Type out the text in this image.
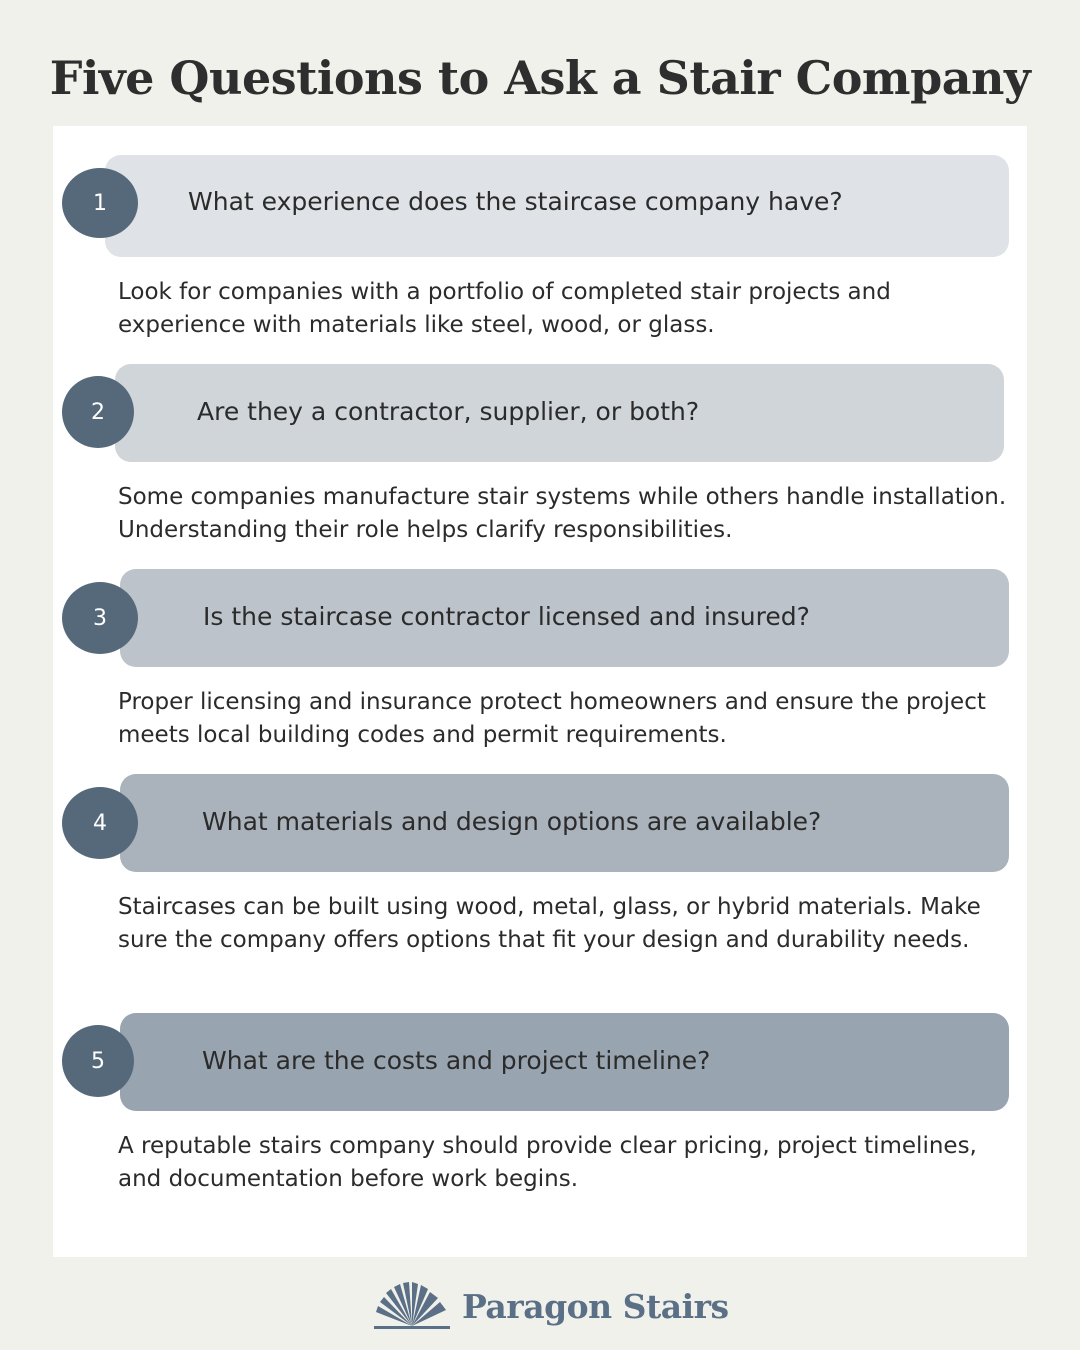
Five Questions to Ask a Stair Company
1	What experience does the staircase company have?
Look for companies with a portfolio of completed stair projects and experience with materials like steel, wood, or glass.
2	Are they a contractor, supplier, or both?
Some companies manufacture stair systems while others handle installation. Understanding their role helps clarify responsibilities.
3	Is the staircase contractor licensed and insured?
Proper licensing and insurance protect homeowners and ensure the project meets local building codes and permit requirements.
4	What materials and design options are available?
Staircases can be built using wood, metal, glass, or hybrid materials. Make sure the company offers options that fit your design and durability needs.
5	What are the costs and project timeline?
A reputable stairs company should provide clear pricing, project timelines, and documentation before work begins.
Paragon Stairs
